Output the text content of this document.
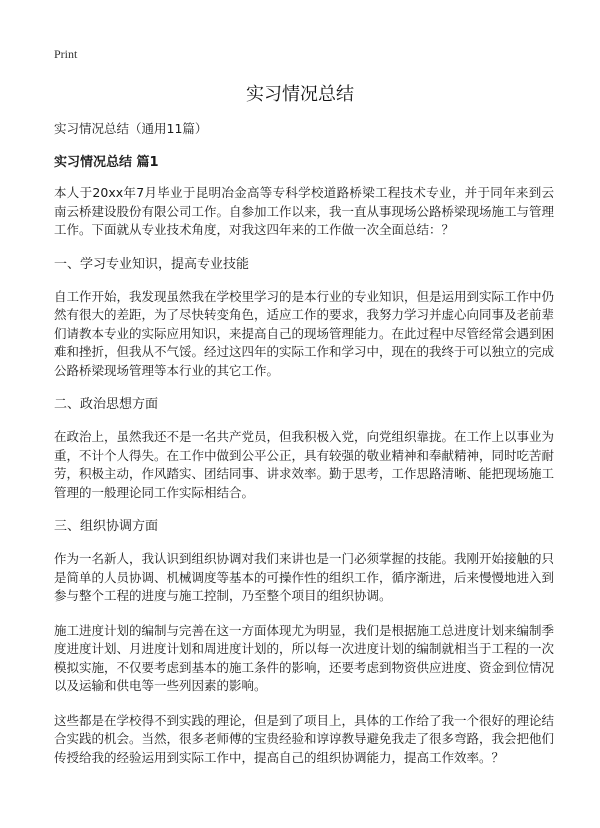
Print
实习情况总结

实习情况总结（通用11篇）

实习情况总结 篇1

本人于20xx年7月毕业于昆明冶金高等专科学校道路桥梁工程技术专业，并于同年来到云南云桥建设股份有限公司工作。自参加工作以来，我一直从事现场公路桥梁现场施工与管理工作。下面就从专业技术角度，对我这四年来的工作做一次全面总结：？

一、学习专业知识，提高专业技能

自工作开始，我发现虽然我在学校里学习的是本行业的专业知识，但是运用到实际工作中仍然有很大的差距，为了尽快转变角色，适应工作的要求，我努力学习并虚心向同事及老前辈们请教本专业的实际应用知识，来提高自己的现场管理能力。在此过程中尽管经常会遇到困难和挫折，但我从不气馁。经过这四年的实际工作和学习中，现在的我终于可以独立的完成公路桥梁现场管理等本行业的其它工作。

二、政治思想方面

在政治上，虽然我还不是一名共产党员，但我积极入党，向党组织靠拢。在工作上以事业为重，不计个人得失。在工作中做到公平公正，具有较强的敬业精神和奉献精神，同时吃苦耐劳，积极主动，作风踏实、团结同事、讲求效率。勤于思考，工作思路清晰、能把现场施工管理的一般理论同工作实际相结合。

三、组织协调方面

作为一名新人，我认识到组织协调对我们来讲也是一门必须掌握的技能。我刚开始接触的只是简单的人员协调、机械调度等基本的可操作性的组织工作，循序渐进，后来慢慢地进入到参与整个工程的进度与施工控制，乃至整个项目的组织协调。

施工进度计划的编制与完善在这一方面体现尤为明显，我们是根据施工总进度计划来编制季度进度计划、月进度计划和周进度计划的，所以每一次进度计划的编制就相当于工程的一次模拟实施，不仅要考虑到基本的施工条件的影响，还要考虑到物资供应进度、资金到位情况以及运输和供电等一些列因素的影响。

这些都是在学校得不到实践的理论，但是到了项目上，具体的工作给了我一个很好的理论结合实践的机会。当然，很多老师傅的宝贵经验和谆谆教导避免我走了很多弯路，我会把他们传授给我的经验运用到实际工作中，提高自己的组织协调能力，提高工作效率。？
